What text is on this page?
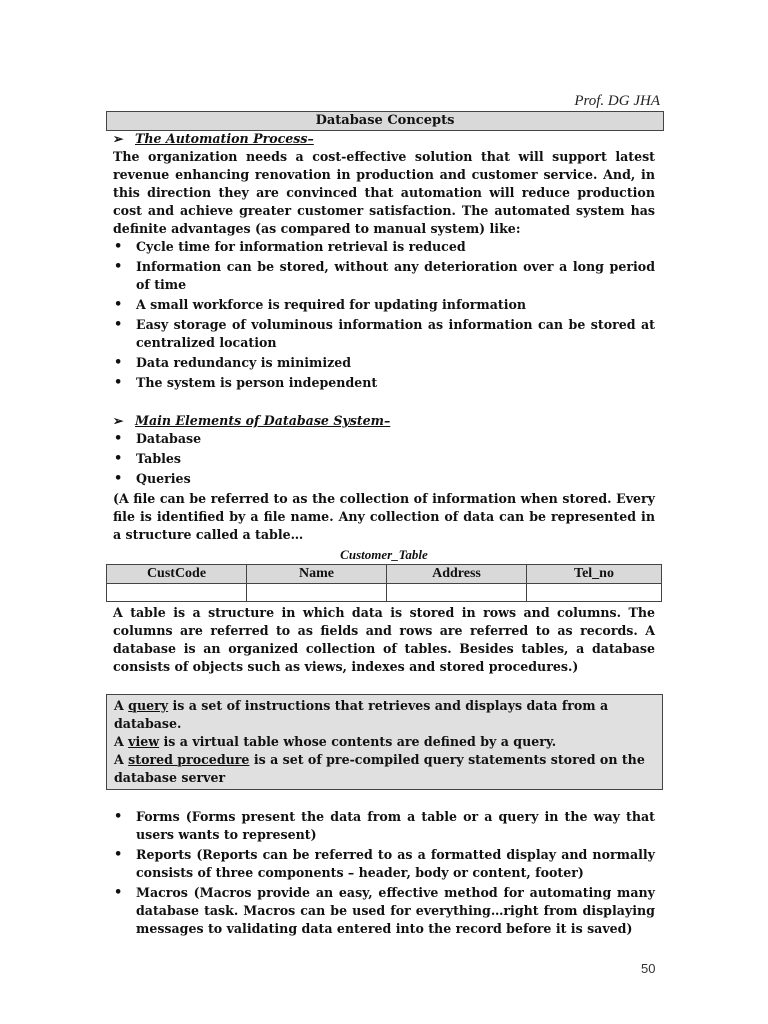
Prof. DG JHA
Database Concepts
➢ The Automation Process–

The organization needs a cost-effective solution that will support latest revenue enhancing renovation in production and customer service. And, in this direction they are convinced that automation will reduce production cost and achieve greater customer satisfaction. The automated system has definite advantages (as compared to manual system) like:

• Cycle time for information retrieval is reduced
• Information can be stored, without any deterioration over a long period of time
• A small workforce is required for updating information
• Easy storage of voluminous information as information can be stored at centralized location
• Data redundancy is minimized
• The system is person independent
➢ Main Elements of Database System–
• Database
• Tables
• Queries

(A file can be referred to as the collection of information when stored. Every file is identified by a file name. Any collection of data can be represented in a structure called a table…

Customer_Table
CustCode	Name	Address	Tel_no

A table is a structure in which data is stored in rows and columns. The columns are referred to as fields and rows are referred to as records. A database is an organized collection of tables. Besides tables, a database consists of objects such as views, indexes and stored procedures.)

A query is a set of instructions that retrieves and displays data from a database.
A view is a virtual table whose contents are defined by a query.
A stored procedure is a set of pre-compiled query statements stored on the database server
• Forms (Forms present the data from a table or a query in the way that users wants to represent)
• Reports (Reports can be referred to as a formatted display and normally consists of three components – header, body or content, footer)
• Macros (Macros provide an easy, effective method for automating many database task. Macros can be used for everything…right from displaying messages to validating data entered into the record before it is saved)
50
